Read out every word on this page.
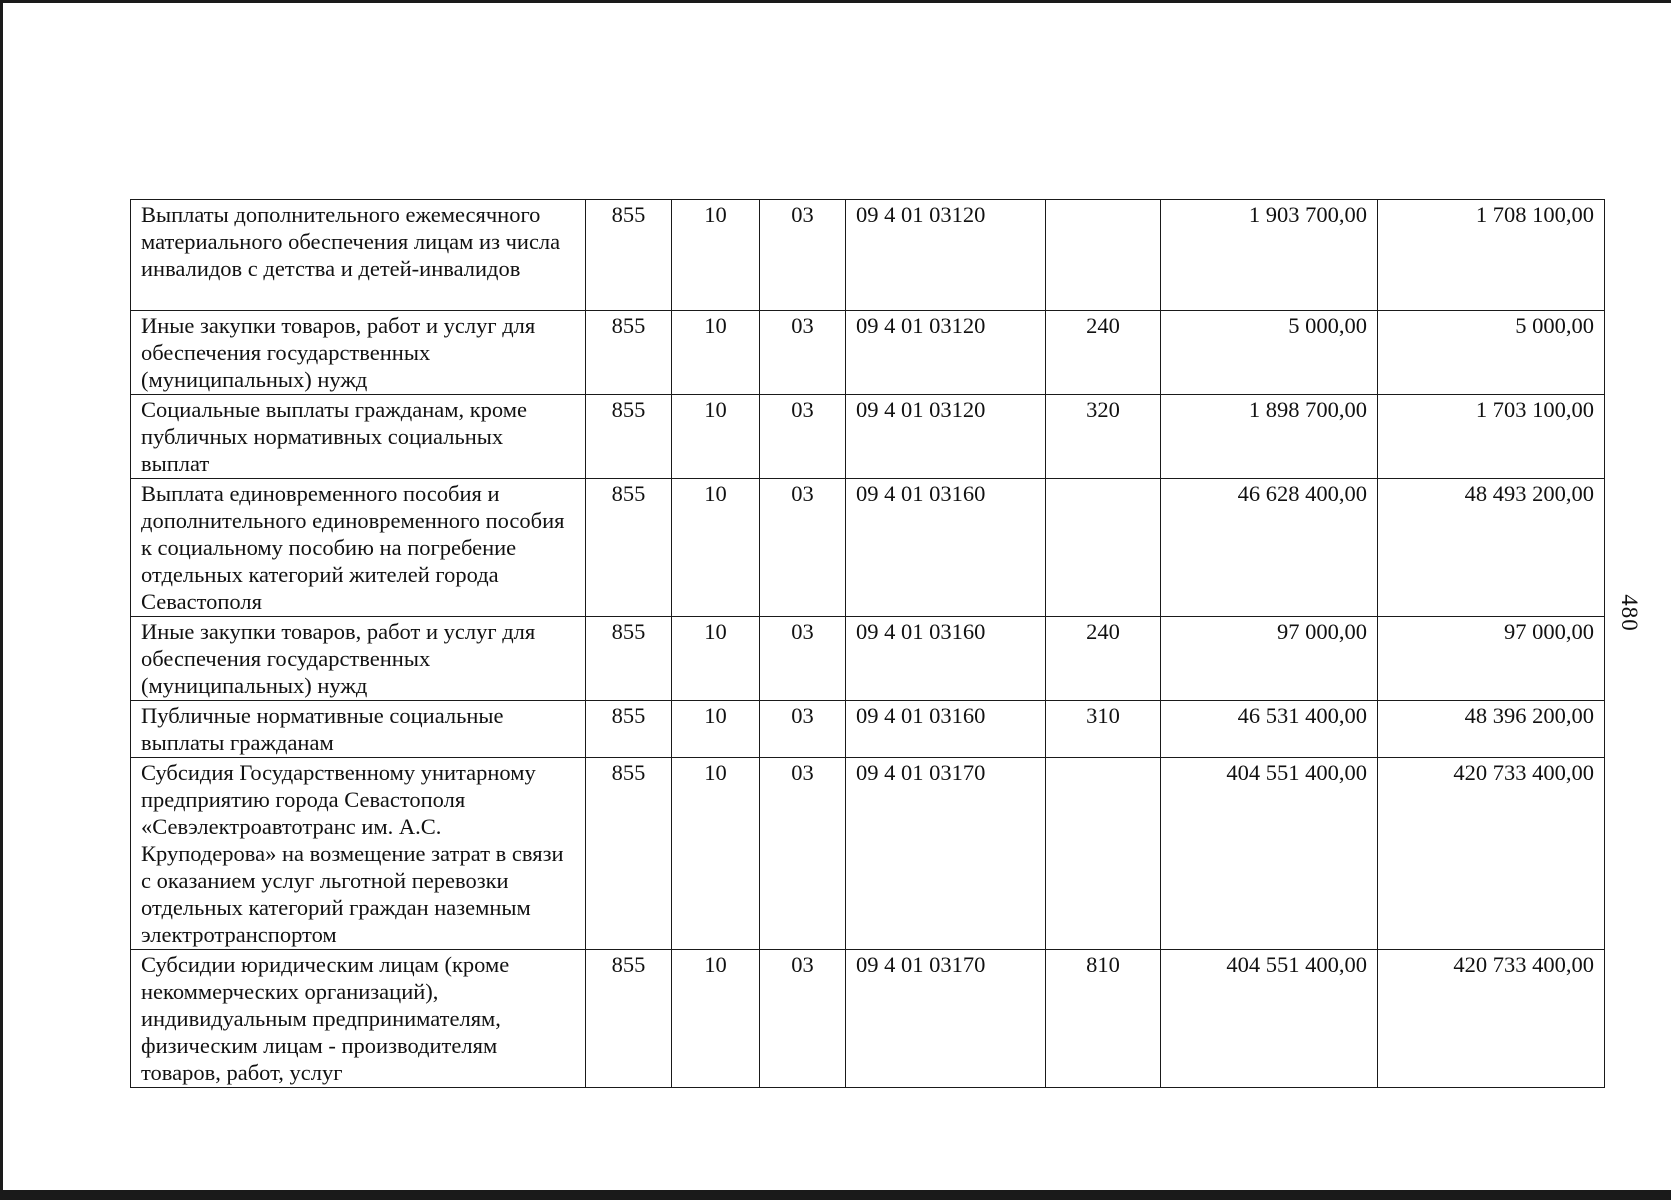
480
Выплаты дополнительного ежемесячного материального обеспечения лицам из числа инвалидов с детства и детей-инвалидов	855	10	03	09 4 01 03120		1 903 700,00	1 708 100,00
Иные закупки товаров, работ и услуг для обеспечения государственных (муниципальных) нужд	855	10	03	09 4 01 03120	240	5 000,00	5 000,00
Социальные выплаты гражданам, кроме публичных нормативных социальных выплат	855	10	03	09 4 01 03120	320	1 898 700,00	1 703 100,00
Выплата единовременного пособия и дополнительного единовременного пособия к социальному пособию на погребение отдельных категорий жителей города Севастополя	855	10	03	09 4 01 03160		46 628 400,00	48 493 200,00
Иные закупки товаров, работ и услуг для обеспечения государственных (муниципальных) нужд	855	10	03	09 4 01 03160	240	97 000,00	97 000,00
Публичные нормативные социальные выплаты гражданам	855	10	03	09 4 01 03160	310	46 531 400,00	48 396 200,00
Субсидия Государственному унитарному предприятию города Севастополя «Севэлектроавтотранс им. А.С. Круподерова» на возмещение затрат в связи с оказанием услуг льготной перевозки отдельных категорий граждан наземным электротранспортом	855	10	03	09 4 01 03170		404 551 400,00	420 733 400,00
Субсидии юридическим лицам (кроме некоммерческих организаций), индивидуальным предпринимателям, физическим лицам - производителям товаров, работ, услуг	855	10	03	09 4 01 03170	810	404 551 400,00	420 733 400,00
